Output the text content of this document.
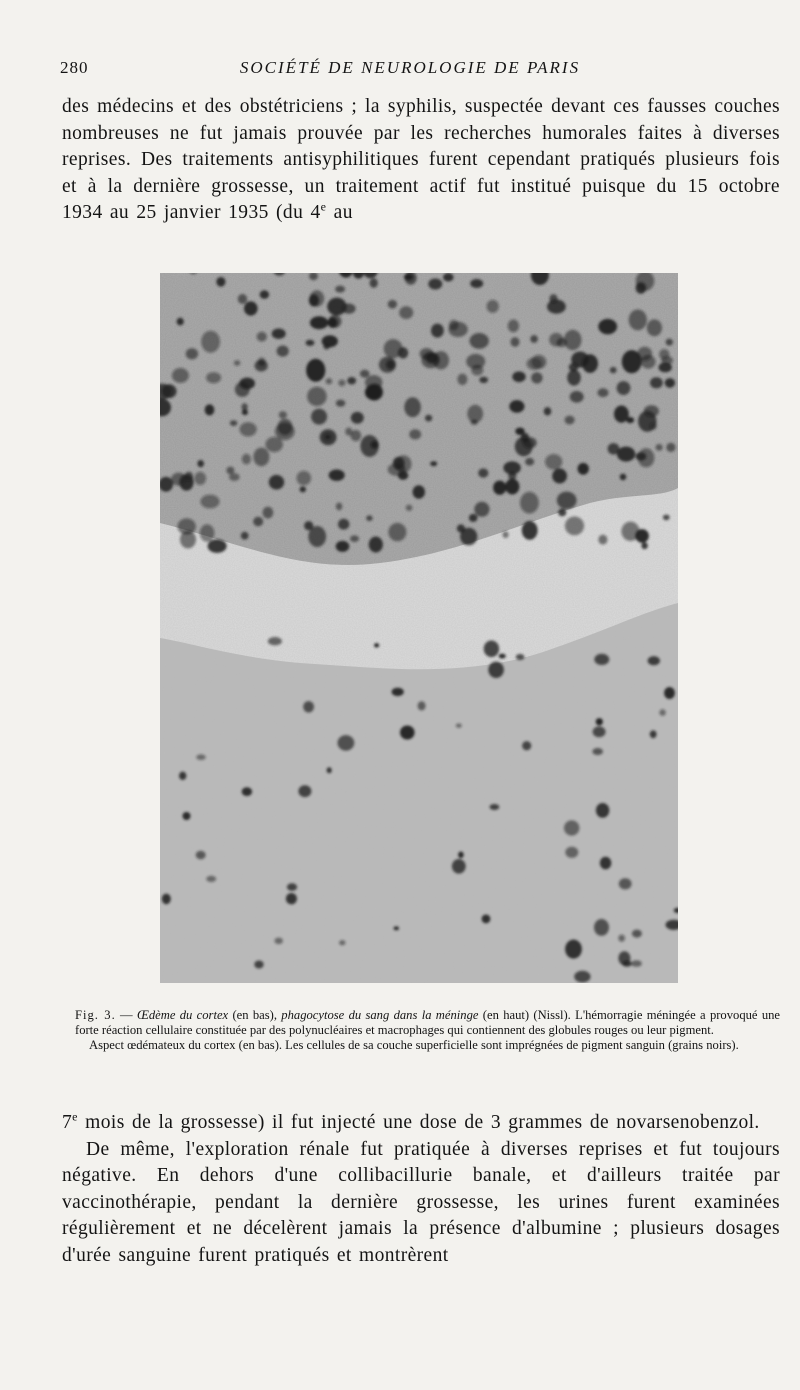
280	SOCIÉTÉ DE NEUROLOGIE DE PARIS
des médecins et des obstétriciens ; la syphilis, suspectée devant ces fausses couches nombreuses ne fut jamais prouvée par les recherches humorales faites à diverses reprises. Des traitements antisyphilitiques furent cependant pratiqués plusieurs fois et à la dernière grossesse, un traitement actif fut institué puisque du 15 octobre 1934 au 25 janvier 1935 (du 4e au

Fig. 3. — Œdème du cortex (en bas), phagocytose du sang dans la méninge (en haut) (Nissl). L'hémorragie méningée a provoqué une forte réaction cellulaire constituée par des polynucléaires et macrophages qui contiennent des globules rouges ou leur pigment.

Aspect œdémateux du cortex (en bas). Les cellules de sa couche superficielle sont imprégnées de pigment sanguin (grains noirs).

7e mois de la grossesse) il fut injecté une dose de 3 grammes de novarsenobenzol.

De même, l'exploration rénale fut pratiquée à diverses reprises et fut toujours négative. En dehors d'une collibacillurie banale, et d'ailleurs traitée par vaccinothérapie, pendant la dernière grossesse, les urines furent examinées régulièrement et ne décelèrent jamais la présence d'albumine ; plusieurs dosages d'urée sanguine furent pratiqués et montrèrent
